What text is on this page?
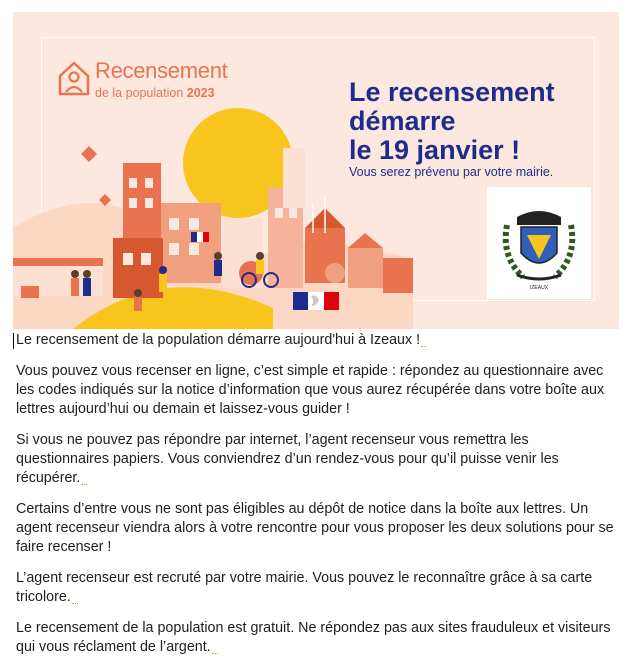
Recensement
de la population 2023	Le recensement
démarre
le 19 janvier !
Vous serez prévenu par votre mairie.
IZEAUX

Le recensement de la population démarre aujourd'hui à Izeaux !

Vous pouvez vous recenser en ligne, c’est simple et rapide : répondez au questionnaire avec les codes indiqués sur la notice d’information que vous aurez récupérée dans votre boîte aux lettres aujourd’hui ou demain et laissez-vous guider !

Si vous ne pouvez pas répondre par internet, l’agent recenseur vous remettra les questionnaires papiers. Vous conviendrez d’un rendez-vous pour qu’il puisse venir les récupérer.

Certains d’entre vous ne sont pas éligibles au dépôt de notice dans la boîte aux lettres. Un agent recenseur viendra alors à votre rencontre pour vous proposer les deux solutions pour se faire recenser !

L’agent recenseur est recruté par votre mairie. Vous pouvez le reconnaître grâce à sa carte tricolore.

Le recensement de la population est gratuit. Ne répondez pas aux sites frauduleux et visiteurs qui vous réclament de l’argent.
